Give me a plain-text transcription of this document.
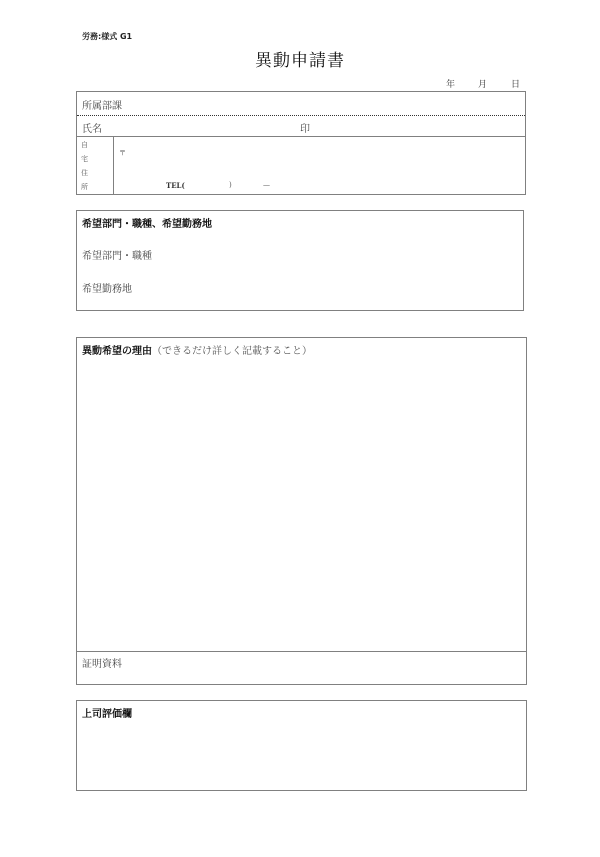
労務:様式 G1
異動申請書
年	月	日
所属部課
氏名	印
自
宅
住
所
〒
TEL(	)	—
希望部門・職種、希望勤務地
希望部門・職種
希望勤務地
異動希望の理由（できるだけ詳しく記載すること）
証明資料
上司評価欄
